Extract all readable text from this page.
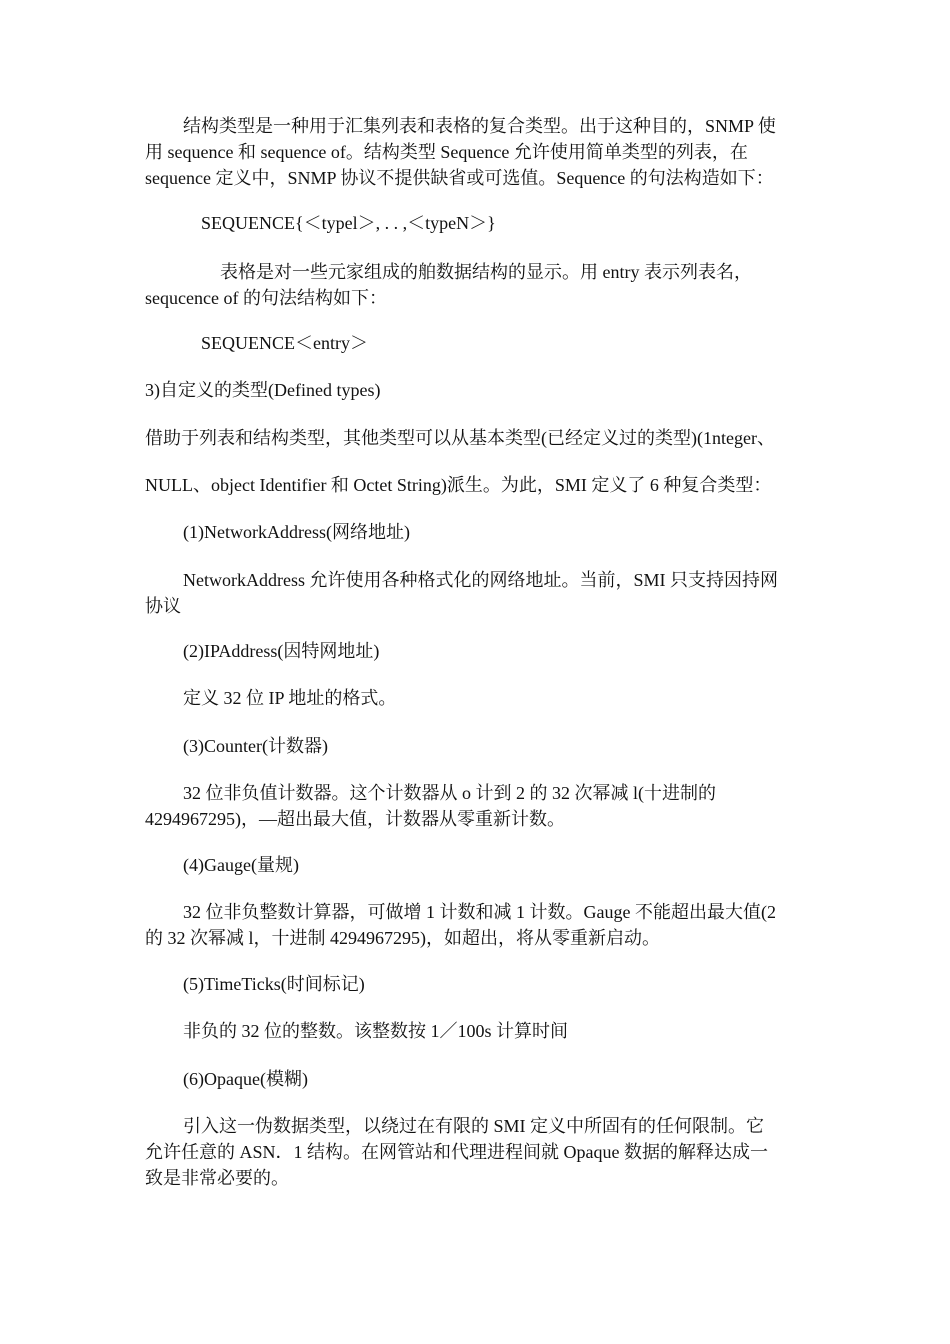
结构类型是一种用于汇集列表和表格的复合类型。出于这种目的，SNMP 使
用 sequence 和 sequence of。结构类型 Sequence 允许使用简单类型的列表，在
sequence 定义中，SNMP 协议不提供缺省或可选值。Sequence 的句法构造如下：
SEQUENCE{＜typel＞, . . ,＜typeN＞}
表格是对一些元家组成的舶数据结构的显示。用 entry 表示列表名，
sequcence of 的句法结构如下：
SEQUENCE＜entry＞
3)自定义的类型(Defined types)
借助于列表和结构类型，其他类型可以从基本类型(已经定义过的类型)(1nteger、
NULL、object Identifier 和 Octet String)派生。为此，SMI 定义了 6 种复合类型：
(1)NetworkAddress(网络地址)
NetworkAddress 允许使用各种格式化的网络地址。当前，SMI 只支持因持网
协议
(2)IPAddress(因特网地址)
定义 32 位 IP 地址的格式。
(3)Counter(计数器)
32 位非负值计数器。这个计数器从 o 计到 2 的 32 次幂减 l(十进制的
4294967295)，—超出最大值，计数器从零重新计数。
(4)Gauge(量规)
32 位非负整数计算器，可做增 1 计数和减 1 计数。Gauge 不能超出最大值(2
的 32 次幂减 l，十进制 4294967295)，如超出，将从零重新启动。
(5)TimeTicks(时间标记)
非负的 32 位的整数。该整数按 1／100s 计算时间
(6)Opaque(模糊)
引入这一伪数据类型，以绕过在有限的 SMI 定义中所固有的任何限制。它
允许任意的 ASN．1 结构。在网管站和代理进程间就 Opaque 数据的解释达成一
致是非常必要的。
